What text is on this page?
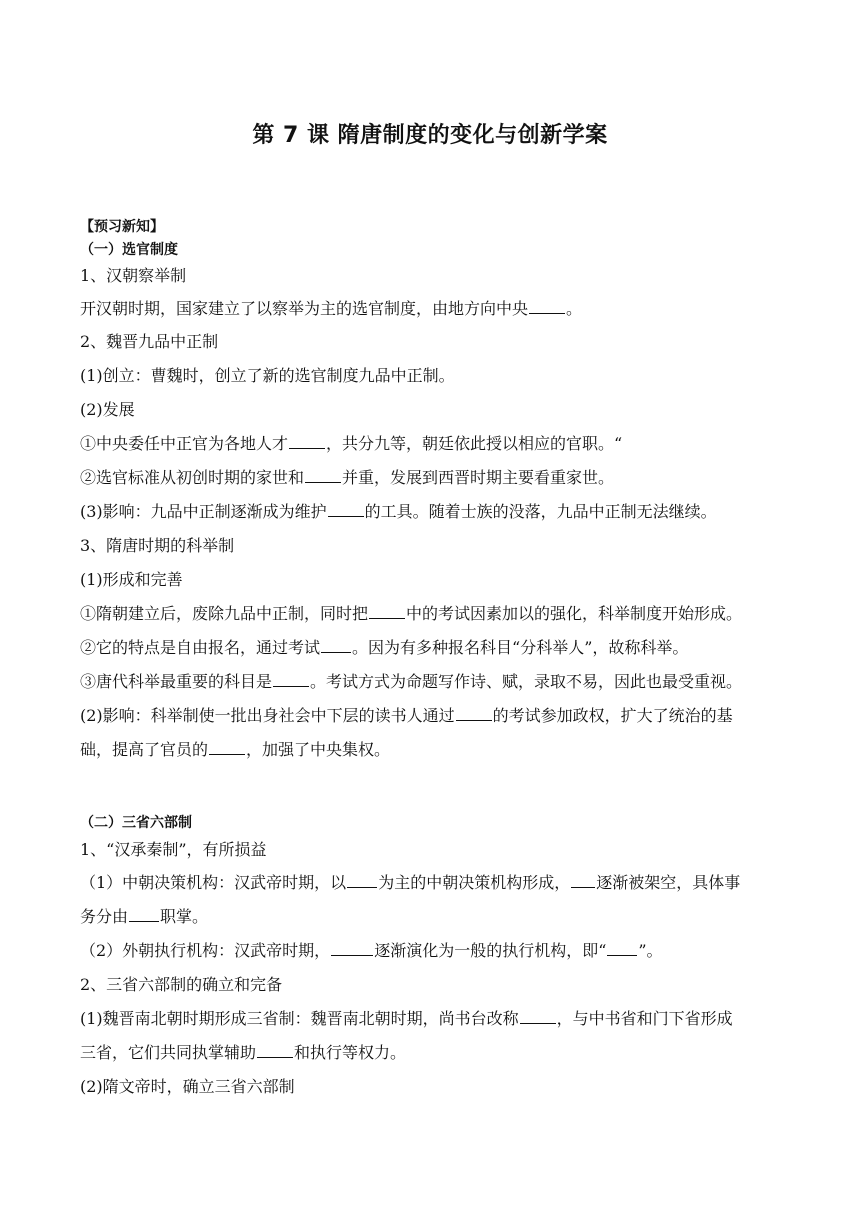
第 7 课 隋唐制度的变化与创新学案
【预习新知】
（一）选官制度
1、汉朝察举制
开汉朝时期，国家建立了以察举为主的选官制度，由地方向中央 。
2、魏晋九品中正制
(1)创立：曹魏时，创立了新的选官制度九品中正制。
(2)发展
①中央委任中正官为各地人才 ，共分九等，朝廷依此授以相应的官职。“
②选官标准从初创时期的家世和 并重，发展到西晋时期主要看重家世。
(3)影响：九品中正制逐渐成为维护 的工具。随着士族的没落，九品中正制无法继续。
3、隋唐时期的科举制
(1)形成和完善
①隋朝建立后，废除九品中正制，同时把 中的考试因素加以的强化，科举制度开始形成。
②它的特点是自由报名，通过考试 。因为有多种报名科目“分科举人”，故称科举。
③唐代科举最重要的科目是 。考试方式为命题写作诗、赋，录取不易，因此也最受重视。
(2)影响：科举制使一批出身社会中下层的读书人通过 的考试参加政权，扩大了统治的基
础，提高了官员的 ，加强了中央集权。
（二）三省六部制
1、“汉承秦制”，有所损益
（1）中朝决策机构：汉武帝时期，以 为主的中朝决策机构形成， 逐渐被架空，具体事
务分由 职掌。
（2）外朝执行机构：汉武帝时期，	逐渐演化为一般的执行机构，即“ ”。
2、三省六部制的确立和完备
(1)魏晋南北朝时期形成三省制：魏晋南北朝时期，尚书台改称 ，与中书省和门下省形成
三省，它们共同执掌辅助 和执行等权力。
(2)隋文帝时，确立三省六部制
